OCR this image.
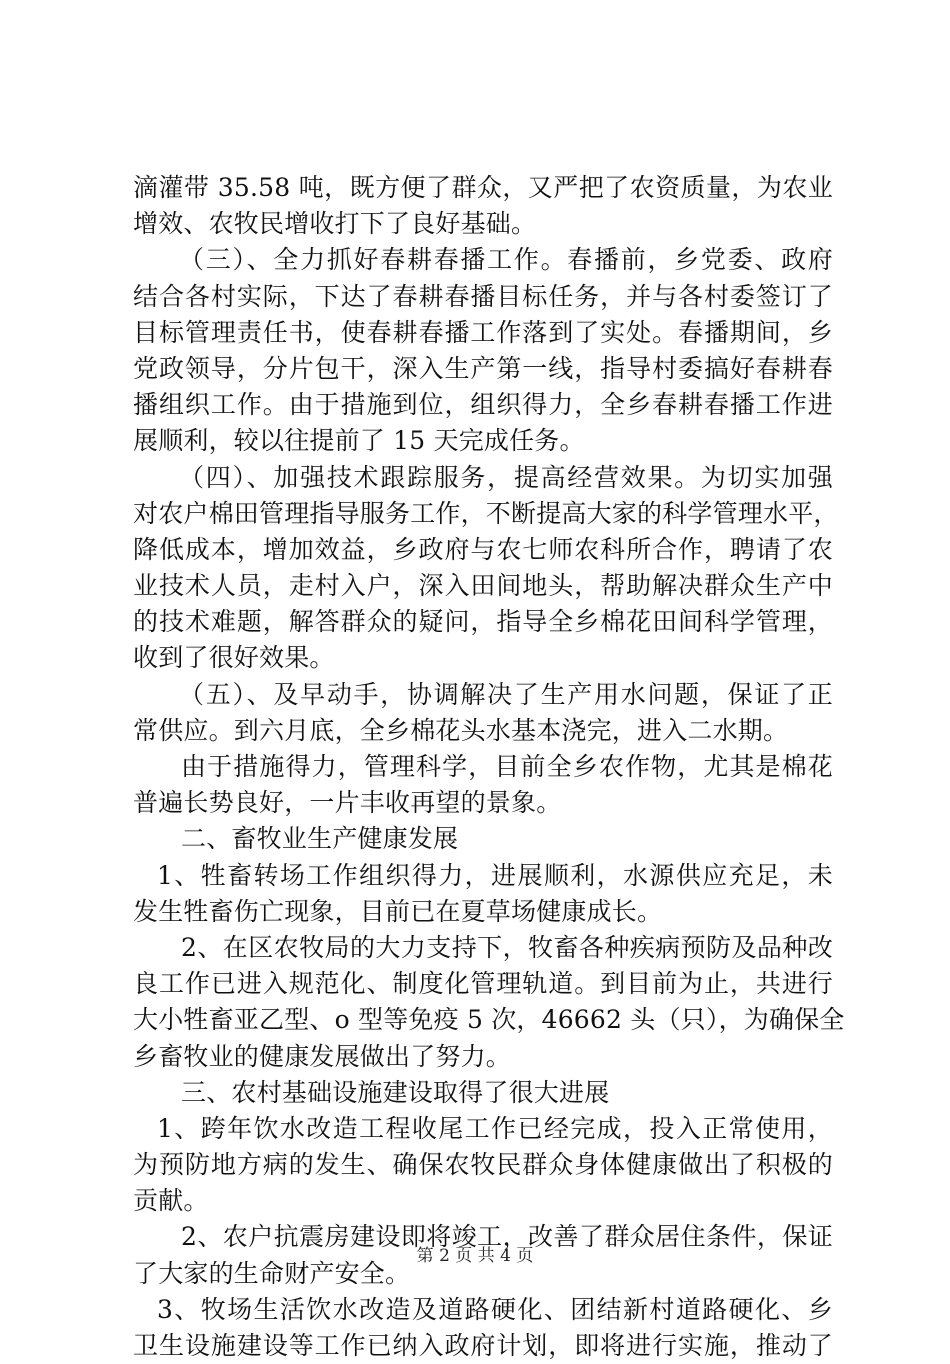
滴灌带 35.58 吨，既方便了群众，又严把了农资质量，为农业
增效、农牧民增收打下了良好基础。
（三）、全力抓好春耕春播工作。春播前，乡党委、政府
结合各村实际，下达了春耕春播目标任务，并与各村委签订了
目标管理责任书，使春耕春播工作落到了实处。春播期间，乡
党政领导，分片包干，深入生产第一线，指导村委搞好春耕春
播组织工作。由于措施到位，组织得力，全乡春耕春播工作进
展顺利，较以往提前了 15 天完成任务。
（四）、加强技术跟踪服务，提高经营效果。为切实加强
对农户棉田管理指导服务工作，不断提高大家的科学管理水平，
降低成本，增加效益，乡政府与农七师农科所合作，聘请了农
业技术人员，走村入户，深入田间地头，帮助解决群众生产中
的技术难题，解答群众的疑问，指导全乡棉花田间科学管理，
收到了很好效果。
（五）、及早动手，协调解决了生产用水问题，保证了正
常供应。到六月底，全乡棉花头水基本浇完，进入二水期。
由于措施得力，管理科学，目前全乡农作物，尤其是棉花
普遍长势良好，一片丰收再望的景象。
二、畜牧业生产健康发展
1、牲畜转场工作组织得力，进展顺利，水源供应充足，未
发生牲畜伤亡现象，目前已在夏草场健康成长。
2、在区农牧局的大力支持下，牧畜各种疾病预防及品种改
良工作已进入规范化、制度化管理轨道。到目前为止，共进行
大小牲畜亚乙型、o 型等免疫 5 次，46662 头（只），为确保全
乡畜牧业的健康发展做出了努力。
三、农村基础设施建设取得了很大进展
1、跨年饮水改造工程收尾工作已经完成，投入正常使用，
为预防地方病的发生、确保农牧民群众身体健康做出了积极的
贡献。
2、农户抗震房建设即将竣工，改善了群众居住条件，保证
了大家的生命财产安全。
3、牧场生活饮水改造及道路硬化、团结新村道路硬化、乡
卫生设施建设等工作已纳入政府计划，即将进行实施，推动了
第 2 页 共 4 页
